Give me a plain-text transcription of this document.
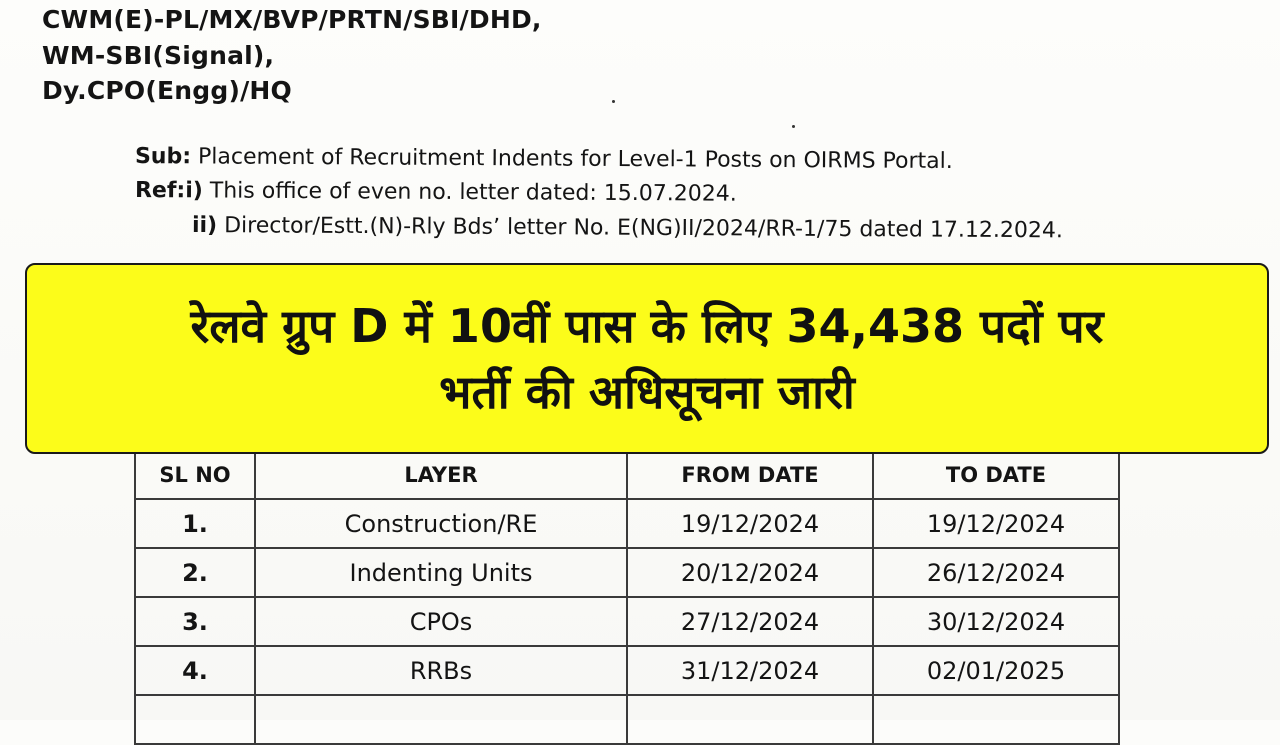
CWM(E)-PL/MX/BVP/PRTN/SBI/DHD,
WM-SBI(Signal),
Dy.CPO(Engg)/HQ
Sub: Placement of Recruitment Indents for Level-1 Posts on OIRMS Portal.
Ref:i) This office of even no. letter dated: 15.07.2024.
ii) Director/Estt.(N)-Rly Bds’ letter No. E(NG)II/2024/RR-1/75 dated 17.12.2024.
SL NO	LAYER	FROM DATE	TO DATE
1.	Construction/RE	19/12/2024	19/12/2024
2.	Indenting Units	20/12/2024	26/12/2024
3.	CPOs	27/12/2024	30/12/2024
4.	RRBs	31/12/2024	02/01/2025

रेलवे ग्रुप D में 10वीं पास के लिए 34,438 पदों पर
भर्ती की अधिसूचना जारी
